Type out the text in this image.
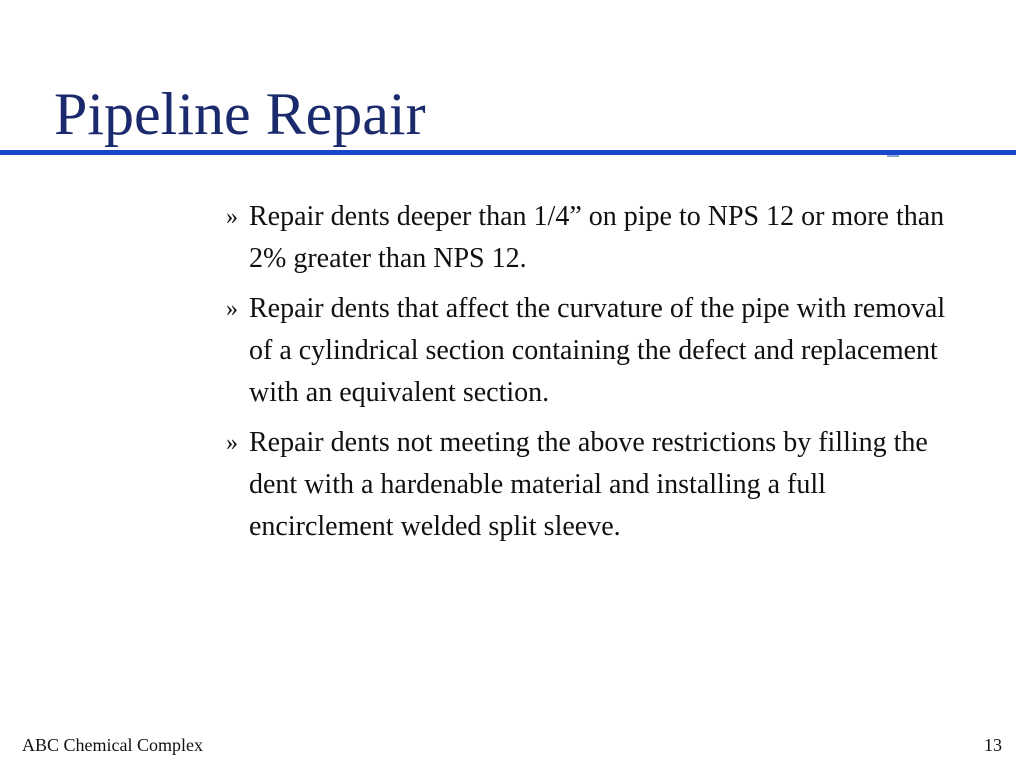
Pipeline Repair
» Repair dents deeper than 1/4” on pipe to NPS 12 or more than 2% greater than NPS 12.
» Repair dents that affect the curvature of the pipe with removal of a cylindrical section containing the defect and replacement with an equivalent section.
» Repair dents not meeting the above restrictions by filling the dent with a hardenable material and installing a full encirclement welded split sleeve.
ABC Chemical Complex	13
